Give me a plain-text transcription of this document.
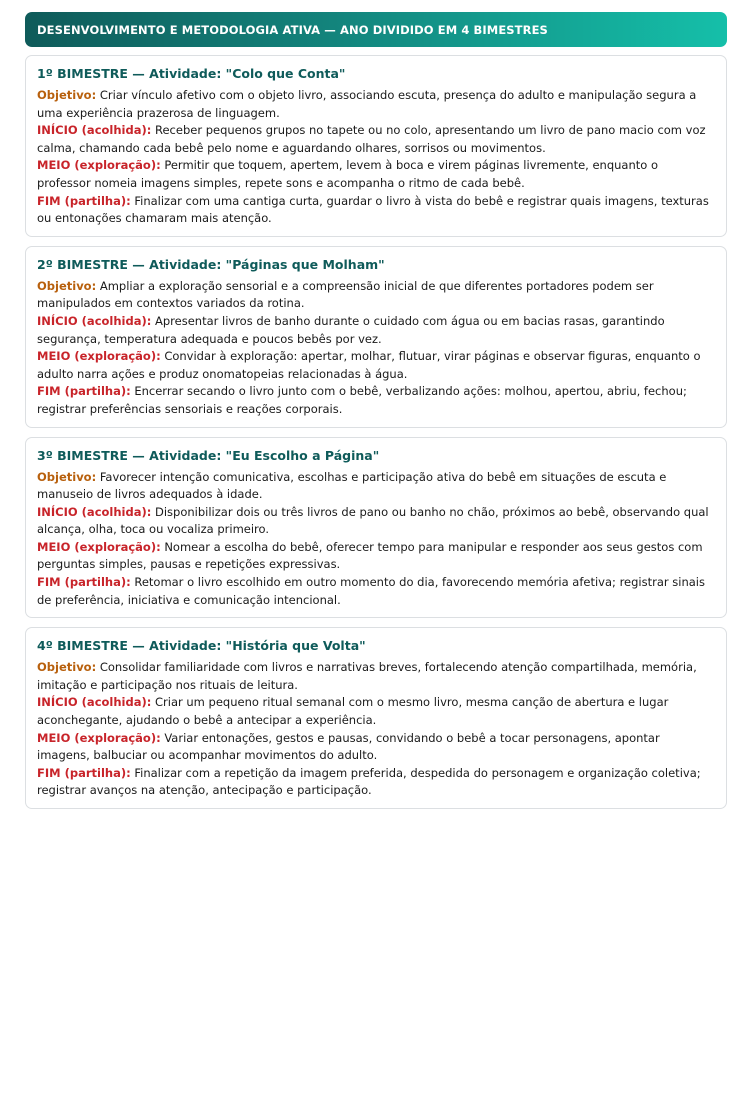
DESENVOLVIMENTO E METODOLOGIA ATIVA — ANO DIVIDIDO EM 4 BIMESTRES
1º BIMESTRE — Atividade: "Colo que Conta"

Objetivo: Criar vínculo afetivo com o objeto livro, associando escuta, presença do adulto e manipulação segura a uma experiência prazerosa de linguagem.

INÍCIO (acolhida): Receber pequenos grupos no tapete ou no colo, apresentando um livro de pano macio com voz calma, chamando cada bebê pelo nome e aguardando olhares, sorrisos ou movimentos.

MEIO (exploração): Permitir que toquem, apertem, levem à boca e virem páginas livremente, enquanto o professor nomeia imagens simples, repete sons e acompanha o ritmo de cada bebê.

FIM (partilha): Finalizar com uma cantiga curta, guardar o livro à vista do bebê e registrar quais imagens, texturas ou entonações chamaram mais atenção.

2º BIMESTRE — Atividade: "Páginas que Molham"

Objetivo: Ampliar a exploração sensorial e a compreensão inicial de que diferentes portadores podem ser manipulados em contextos variados da rotina.

INÍCIO (acolhida): Apresentar livros de banho durante o cuidado com água ou em bacias rasas, garantindo segurança, temperatura adequada e poucos bebês por vez.

MEIO (exploração): Convidar à exploração: apertar, molhar, flutuar, virar páginas e observar figuras, enquanto o adulto narra ações e produz onomatopeias relacionadas à água.

FIM (partilha): Encerrar secando o livro junto com o bebê, verbalizando ações: molhou, apertou, abriu, fechou; registrar preferências sensoriais e reações corporais.

3º BIMESTRE — Atividade: "Eu Escolho a Página"

Objetivo: Favorecer intenção comunicativa, escolhas e participação ativa do bebê em situações de escuta e manuseio de livros adequados à idade.

INÍCIO (acolhida): Disponibilizar dois ou três livros de pano ou banho no chão, próximos ao bebê, observando qual alcança, olha, toca ou vocaliza primeiro.

MEIO (exploração): Nomear a escolha do bebê, oferecer tempo para manipular e responder aos seus gestos com perguntas simples, pausas e repetições expressivas.

FIM (partilha): Retomar o livro escolhido em outro momento do dia, favorecendo memória afetiva; registrar sinais de preferência, iniciativa e comunicação intencional.

4º BIMESTRE — Atividade: "História que Volta"

Objetivo: Consolidar familiaridade com livros e narrativas breves, fortalecendo atenção compartilhada, memória, imitação e participação nos rituais de leitura.

INÍCIO (acolhida): Criar um pequeno ritual semanal com o mesmo livro, mesma canção de abertura e lugar aconchegante, ajudando o bebê a antecipar a experiência.

MEIO (exploração): Variar entonações, gestos e pausas, convidando o bebê a tocar personagens, apontar imagens, balbuciar ou acompanhar movimentos do adulto.

FIM (partilha): Finalizar com a repetição da imagem preferida, despedida do personagem e organização coletiva; registrar avanços na atenção, antecipação e participação.
